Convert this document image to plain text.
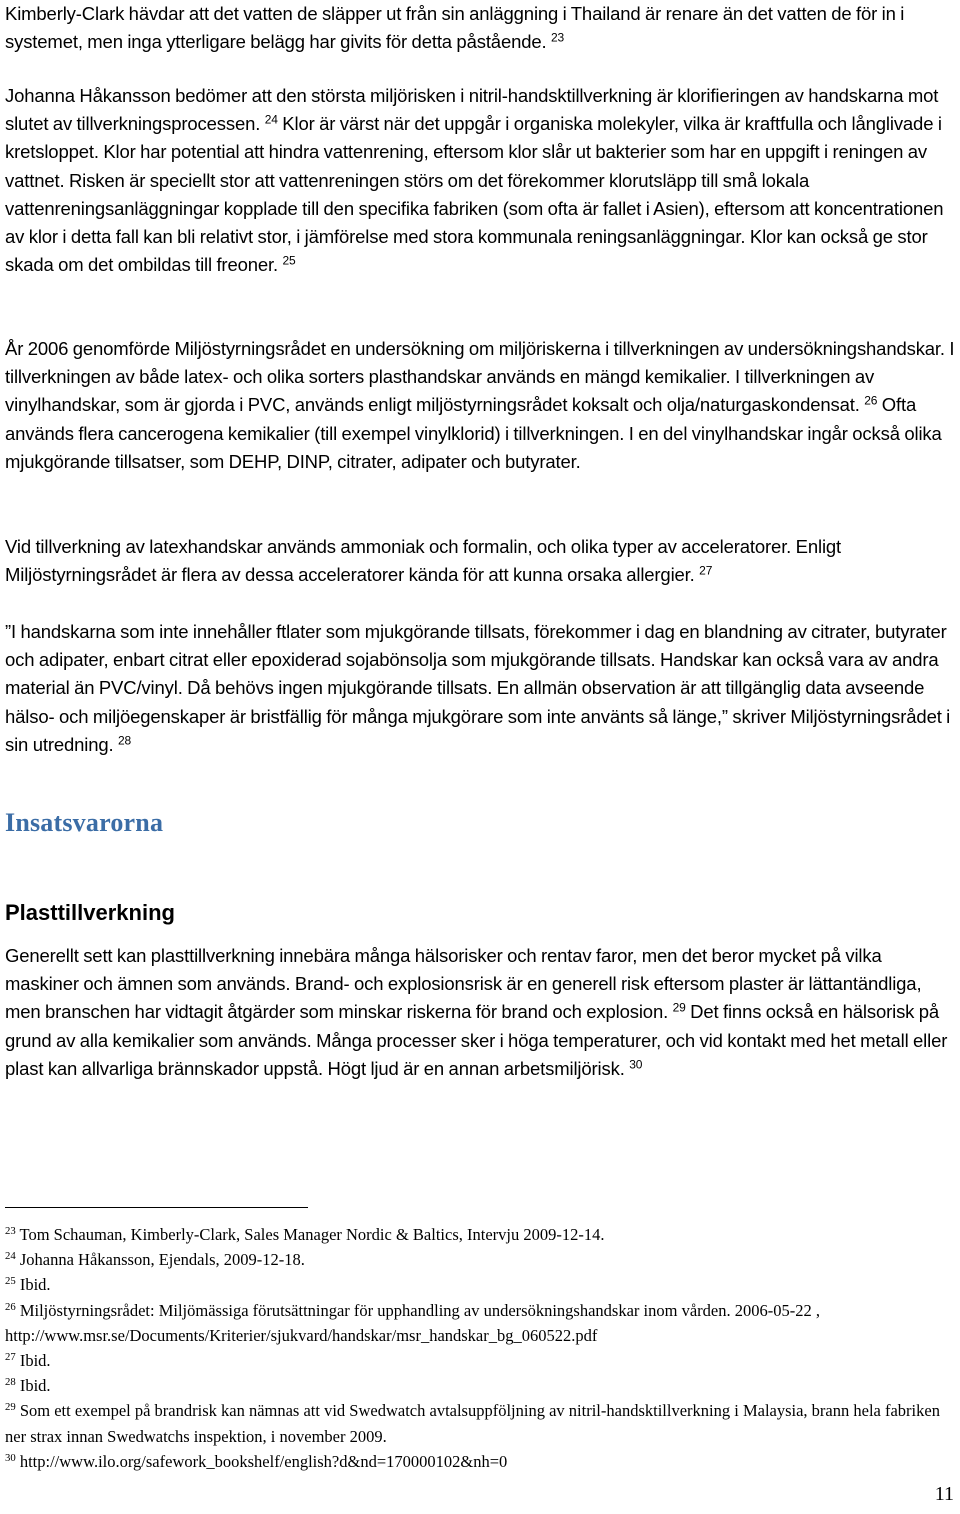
Kimberly-Clark hävdar att det vatten de släpper ut från sin anläggning i Thailand är renare än det vatten de för in i systemet, men inga ytterligare belägg har givits för detta påstående. $^{23}$

Johanna Håkansson bedömer att den största miljörisken i nitril-handsktillverkning är klorifieringen av handskarna mot slutet av tillverkningsprocessen. $^{24}$ Klor är värst när det uppgår i organiska molekyler, vilka är kraftfulla och långlivade i kretsloppet. Klor har potential att hindra vattenrening, eftersom klor slår ut bakterier som har en uppgift i reningen av vattnet. Risken är speciellt stor att vattenreningen störs om det förekommer klorutsläpp till små lokala vattenreningsanläggningar kopplade till den specifika fabriken (som ofta är fallet i Asien), eftersom att koncentrationen av klor i detta fall kan bli relativt stor, i jämförelse med stora kommunala reningsanläggningar. Klor kan också ge stor skada om det ombildas till freoner. $^{25}$

År 2006 genomförde Miljöstyrningsrådet en undersökning om miljöriskerna i tillverkningen av undersökningshandskar. I tillverkningen av både latex- och olika sorters plasthandskar används en mängd kemikalier. I tillverkningen av vinylhandskar, som är gjorda i PVC, används enligt miljöstyrningsrådet koksalt och olja/naturgaskondensat. $^{26}$ Ofta används flera cancerogena kemikalier (till exempel vinylklorid) i tillverkningen. I en del vinylhandskar ingår också olika mjukgörande tillsatser, som DEHP, DINP, citrater, adipater och butyrater.

Vid tillverkning av latexhandskar används ammoniak och formalin, och olika typer av acceleratorer. Enligt Miljöstyrningsrådet är flera av dessa acceleratorer kända för att kunna orsaka allergier. $^{27}$

”I handskarna som inte innehåller ftlater som mjukgörande tillsats, förekommer i dag en blandning av citrater, butyrater och adipater, enbart citrat eller epoxiderad sojabönsolja som mjukgörande tillsats. Handskar kan också vara av andra material än PVC/vinyl. Då behövs ingen mjukgörande tillsats. En allmän observation är att tillgänglig data avseende hälso- och miljöegenskaper är bristfällig för många mjukgörare som inte använts så länge,” skriver Miljöstyrningsrådet i sin utredning. $^{28}$

Insatsvarorna
Plasttillverkning

Generellt sett kan plasttillverkning innebära många hälsorisker och rentav faror, men det beror mycket på vilka maskiner och ämnen som används. Brand- och explosionsrisk är en generell risk eftersom plaster är lättantändliga, men branschen har vidtagit åtgärder som minskar riskerna för brand och explosion. $^{29}$ Det finns också en hälsorisk på grund av alla kemikalier som används. Många processer sker i höga temperaturer, och vid kontakt med het metall eller plast kan allvarliga brännskador uppstå. Högt ljud är en annan arbetsmiljörisk. $^{30}$

$^{23}$ Tom Schauman, Kimberly-Clark, Sales Manager Nordic & Baltics, Intervju 2009-12-14.

$^{24}$ Johanna Håkansson, Ejendals, 2009-12-18.

$^{25}$ Ibid.

$^{26}$ Miljöstyrningsrådet: Miljömässiga förutsättningar för upphandling av undersökningshandskar inom vården. 2006-05-22 , http://www.msr.se/Documents/Kriterier/sjukvard/handskar/msr_handskar_bg_060522.pdf

$^{27}$ Ibid.

$^{28}$ Ibid.

$^{29}$ Som ett exempel på brandrisk kan nämnas att vid Swedwatch avtalsuppföljning av nitril-handsktillverkning i Malaysia, brann hela fabriken ner strax innan Swedwatchs inspektion, i november 2009.

$^{30}$ http://www.ilo.org/safework_bookshelf/english?d&nd=170000102&nh=0

11
